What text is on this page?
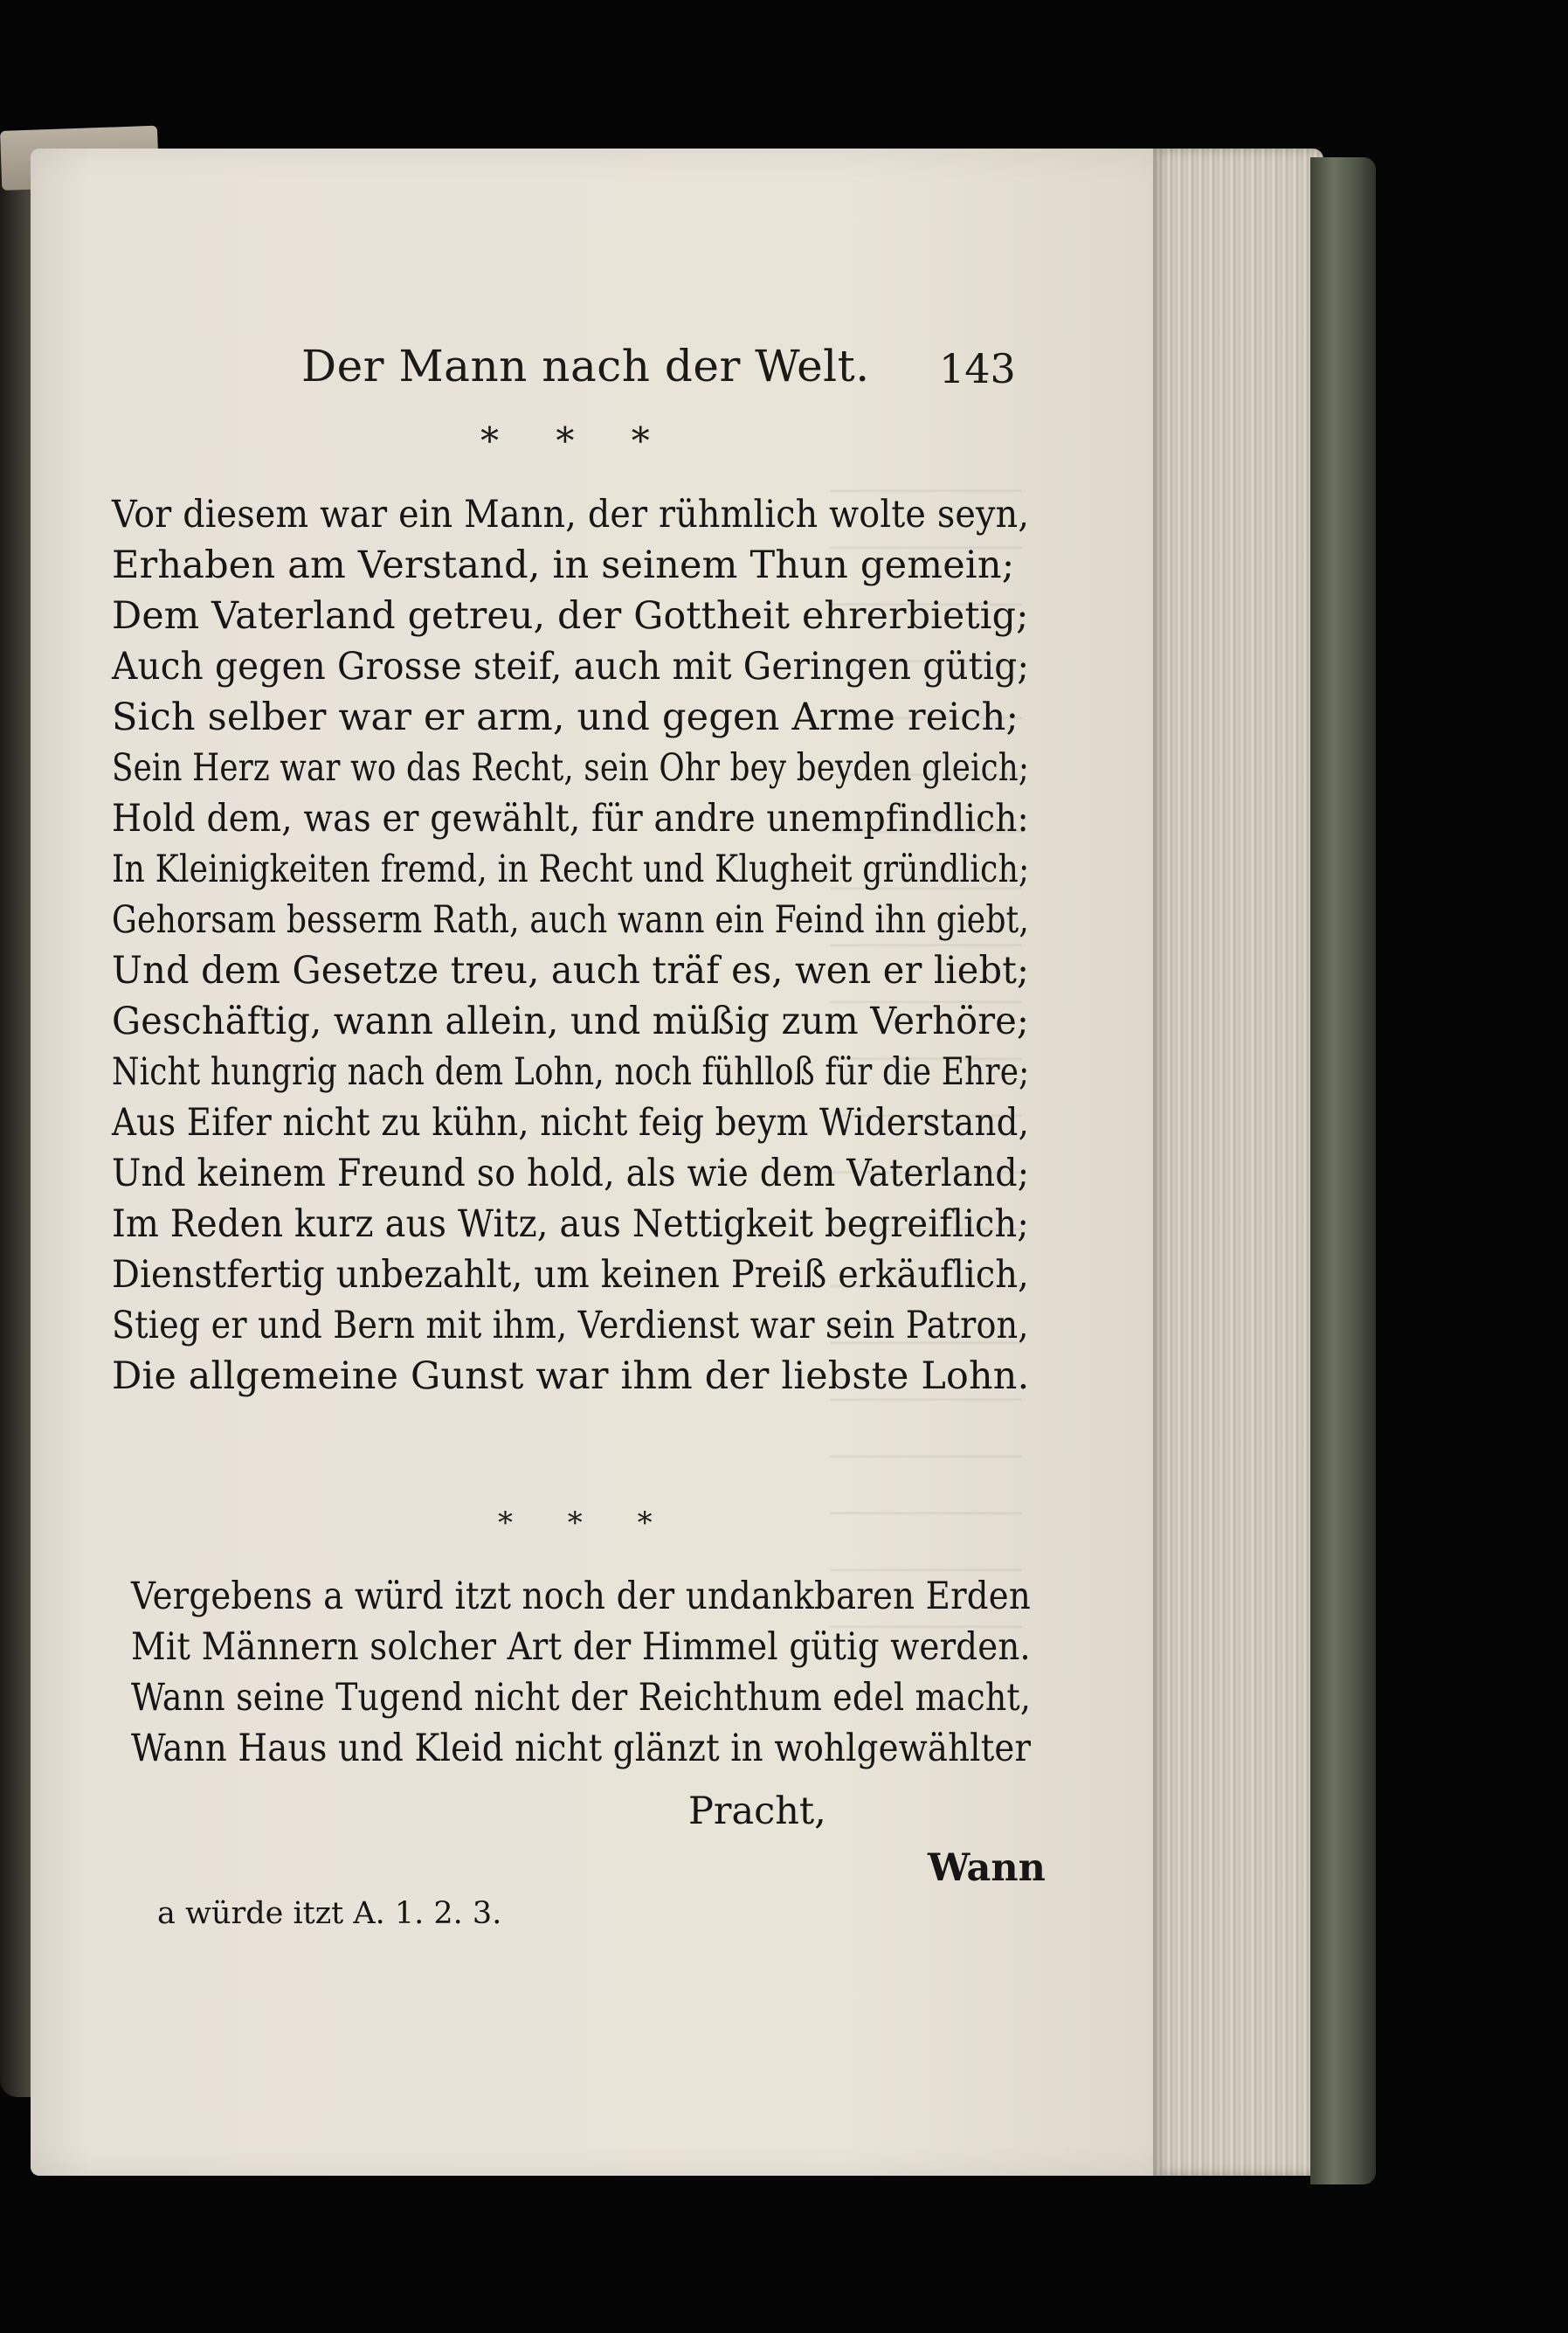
Der Mann nach der Welt.	143
* * *
Vor diesem war ein Mann, der rühmlich wolte seyn,
Erhaben am Verstand, in seinem Thun gemein;
Dem Vaterland getreu, der Gottheit ehrerbietig;
Auch gegen Grosse steif, auch mit Geringen gütig;
Sich selber war er arm, und gegen Arme reich;
Sein Herz war wo das Recht, sein Ohr bey beyden gleich;
Hold dem, was er gewählt, für andre unempfindlich:
In Kleinigkeiten fremd, in Recht und Klugheit gründlich;
Gehorsam besserm Rath, auch wann ein Feind ihn giebt,
Und dem Gesetze treu, auch träf es, wen er liebt;
Geschäftig, wann allein, und müßig zum Verhöre;
Nicht hungrig nach dem Lohn, noch fühlloß für die Ehre;
Aus Eifer nicht zu kühn, nicht feig beym Widerstand,
Und keinem Freund so hold, als wie dem Vaterland;
Im Reden kurz aus Witz, aus Nettigkeit begreiflich;
Dienstfertig unbezahlt, um keinen Preiß erkäuflich,
Stieg er und Bern mit ihm, Verdienst war sein Patron,
Die allgemeine Gunst war ihm der liebste Lohn.
* * *
Vergebens a würd itzt noch der undankbaren Erden
Mit Männern solcher Art der Himmel gütig werden.
Wann seine Tugend nicht der Reichthum edel macht,
Wann Haus und Kleid nicht glänzt in wohlgewählter
Pracht,
Wann
a würde itzt A. 1. 2. 3.
